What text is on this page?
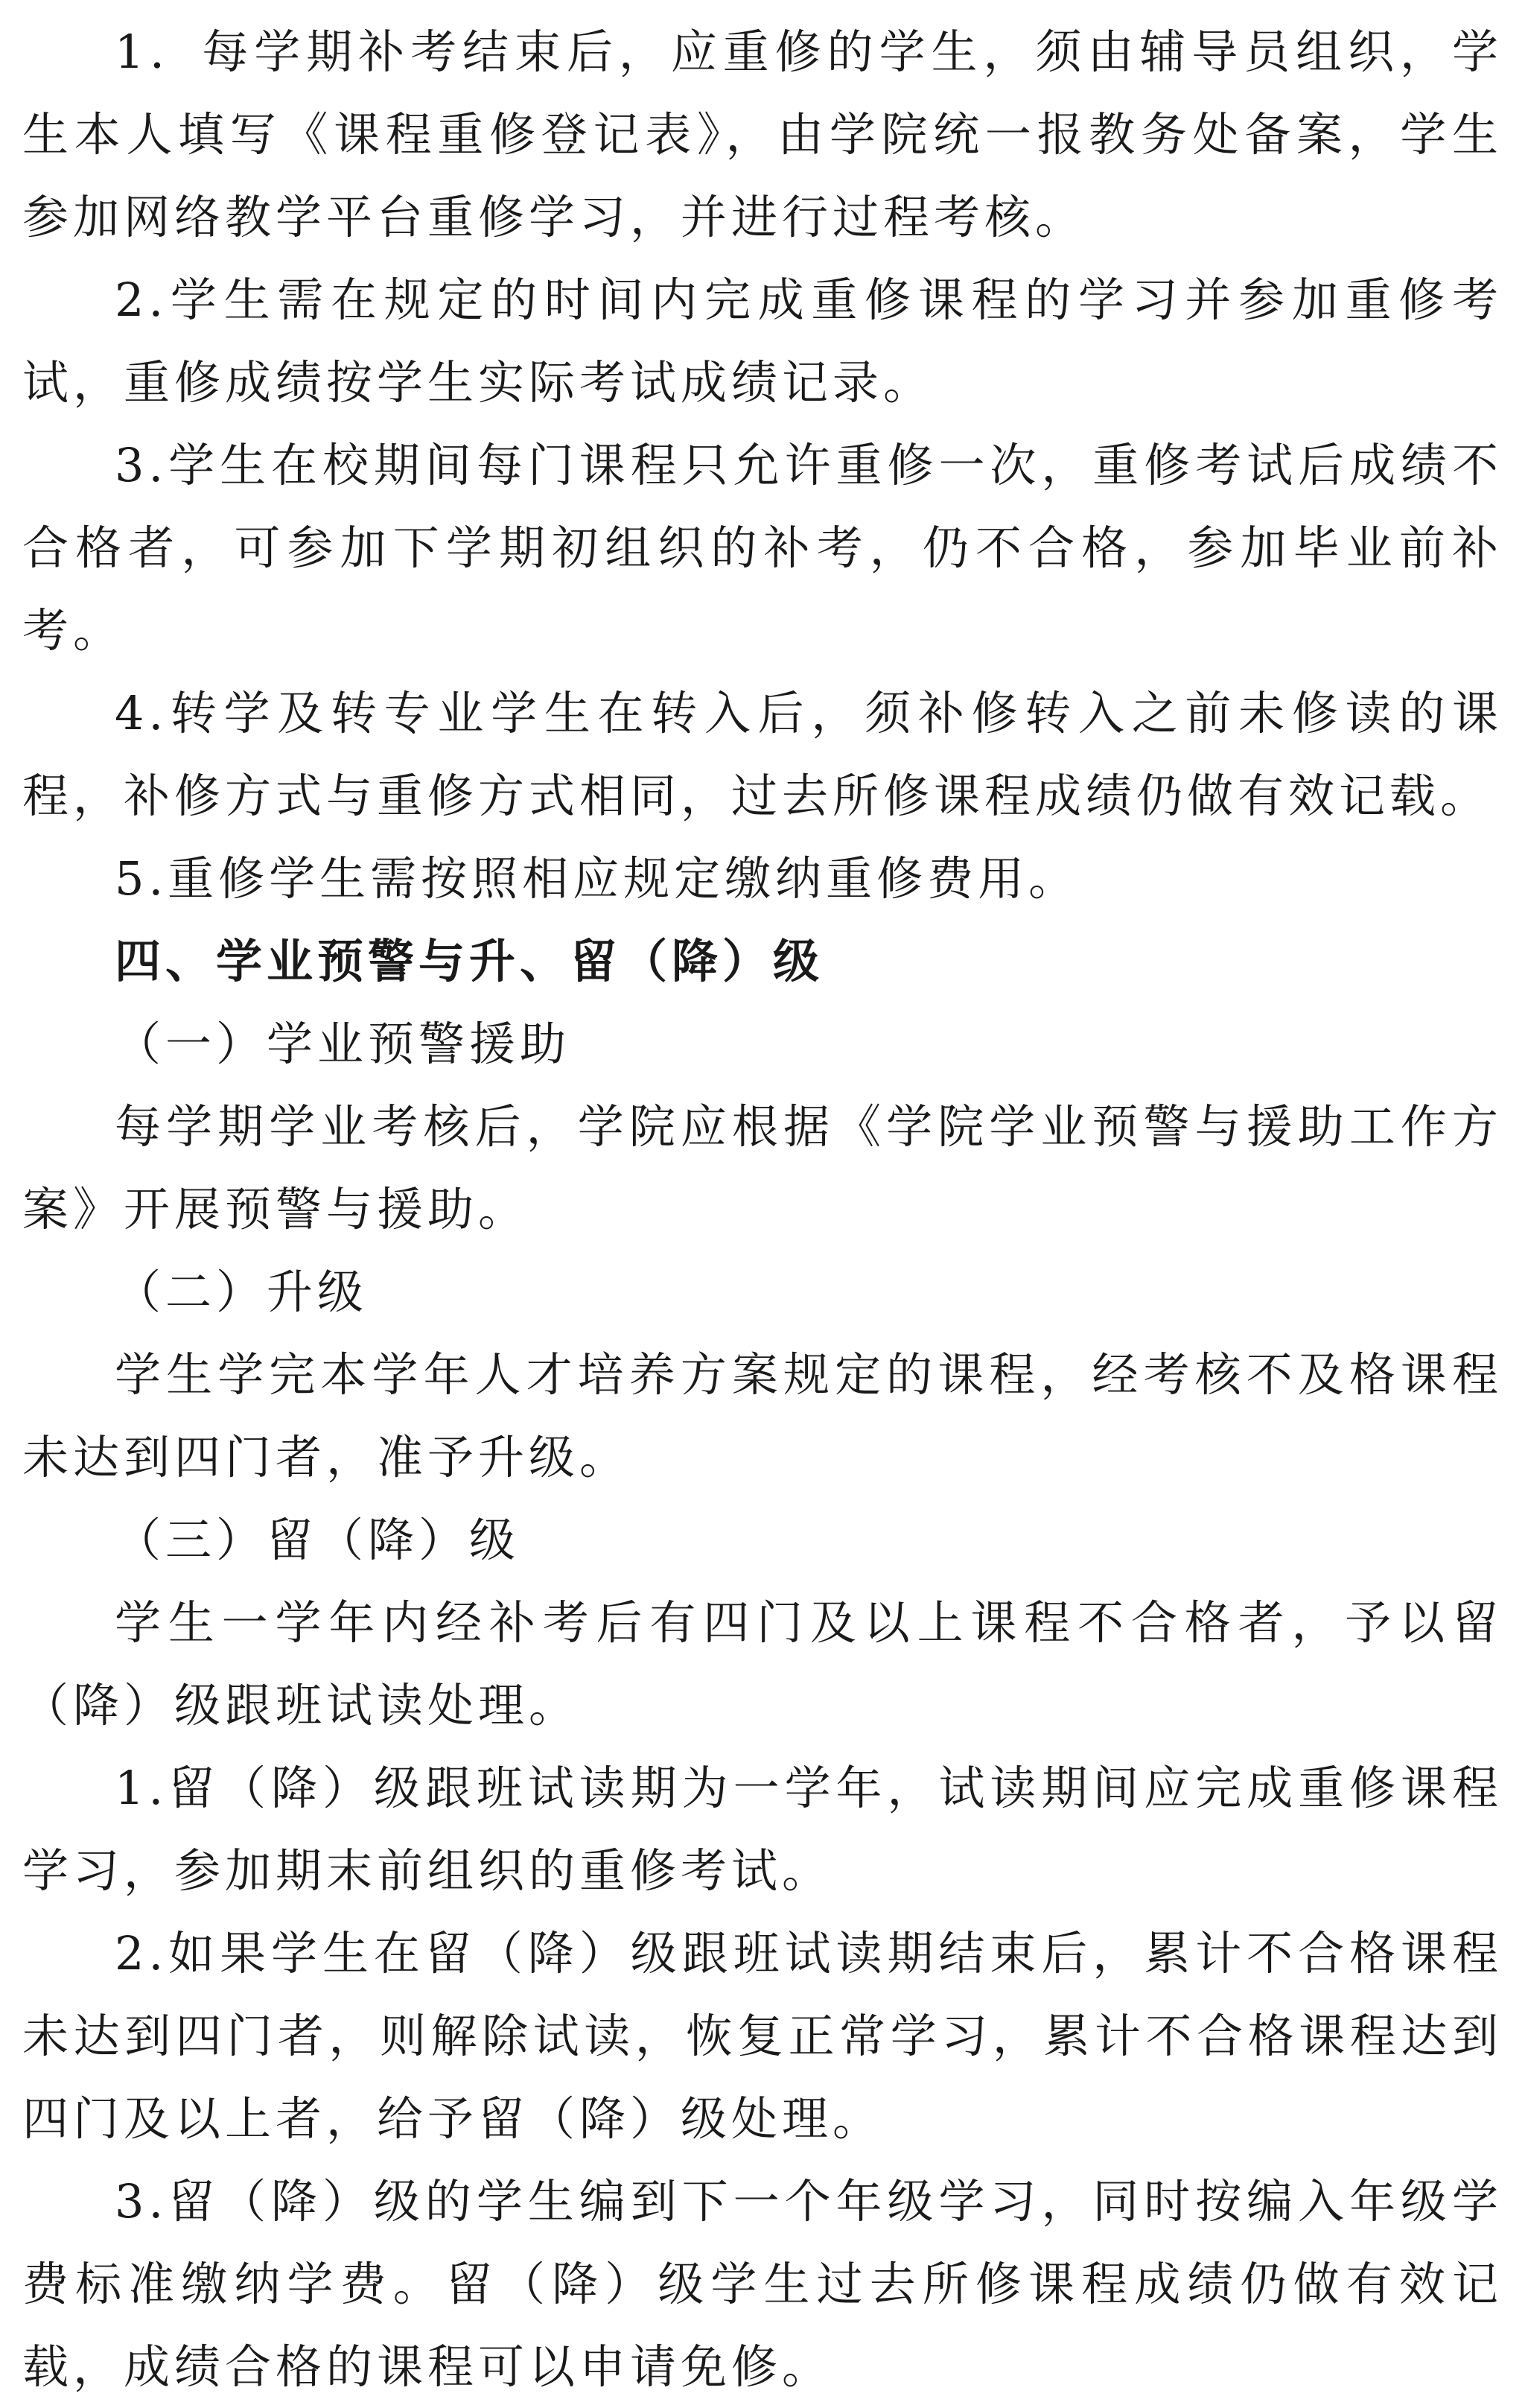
1．每学期补考结束后，应重修的学生，须由辅导员组织，学生本人填写《课程重修登记表》，由学院统一报教务处备案，学生参加网络教学平台重修学习，并进行过程考核。

2.学生需在规定的时间内完成重修课程的学习并参加重修考试，重修成绩按学生实际考试成绩记录。

3.学生在校期间每门课程只允许重修一次，重修考试后成绩不合格者，可参加下学期初组织的补考，仍不合格，参加毕业前补考。

4.转学及转专业学生在转入后，须补修转入之前未修读的课程，补修方式与重修方式相同，过去所修课程成绩仍做有效记载。

5.重修学生需按照相应规定缴纳重修费用。

四、学业预警与升、留（降）级

（一）学业预警援助

每学期学业考核后，学院应根据《学院学业预警与援助工作方案》开展预警与援助。

（二）升级

学生学完本学年人才培养方案规定的课程，经考核不及格课程未达到四门者，准予升级。

（三）留（降）级

学生一学年内经补考后有四门及以上课程不合格者，予以留（降）级跟班试读处理。

1.留（降）级跟班试读期为一学年，试读期间应完成重修课程学习，参加期末前组织的重修考试。

2.如果学生在留（降）级跟班试读期结束后，累计不合格课程未达到四门者，则解除试读，恢复正常学习，累计不合格课程达到四门及以上者，给予留（降）级处理。

3.留（降）级的学生编到下一个年级学习，同时按编入年级学费标准缴纳学费。留（降）级学生过去所修课程成绩仍做有效记载，成绩合格的课程可以申请免修。
